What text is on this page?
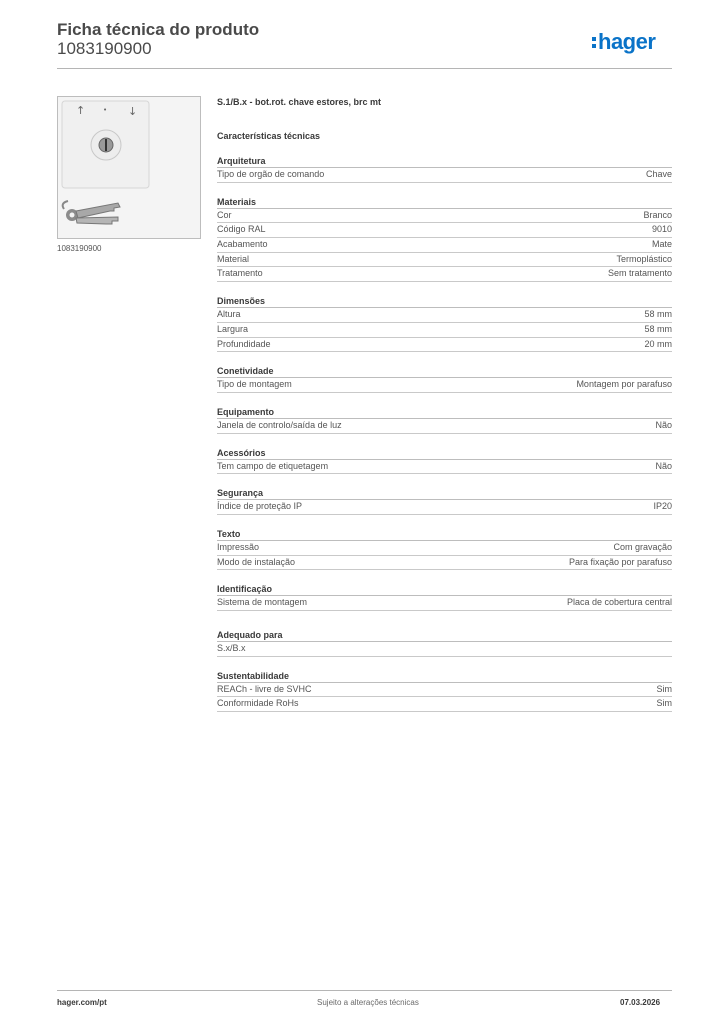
Ficha técnica do produto
1083190900	hager
↑	• ↓
1083190900
S.1/B.x - bot.rot. chave estores, brc mt
Características técnicas
Arquitetura
Tipo de orgão de comando	Chave
Materiais
Cor	Branco
Código RAL	9010
Acabamento	Mate
Material	Termoplástico
Tratamento	Sem tratamento
Dimensões
Altura	58 mm
Largura	58 mm
Profundidade	20 mm
Conetividade
Tipo de montagem	Montagem por parafuso
Equipamento
Janela de controlo/saída de luz	Não
Acessórios
Tem campo de etiquetagem	Não
Segurança
Índice de proteção IP	IP20
Texto
Impressão	Com gravação
Modo de instalação	Para fixação por parafuso
Identificação
Sistema de montagem	Placa de cobertura central
Adequado para
S.x/B.x
Sustentabilidade
REACh - livre de SVHC	Sim
Conformidade RoHs	Sim
hager.com/pt	Sujeito a alterações técnicas	07.03.2026
